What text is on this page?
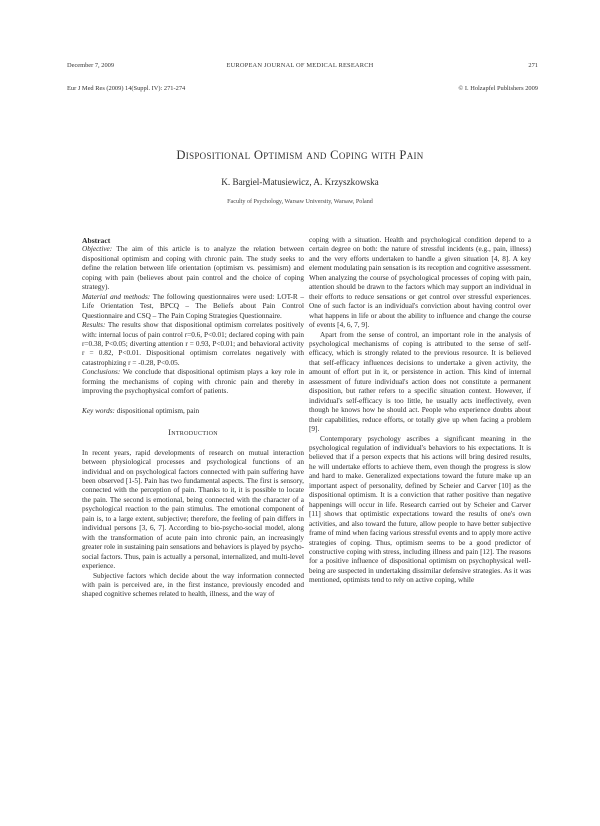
EUROPEAN JOURNAL OF MEDICAL RESEARCH
December 7, 2009	271
Eur J Med Res (2009) 14(Suppl. IV): 271-274	© I. Holzapfel Publishers 2009
Dispositional Optimism and Coping with Pain
K. Bargiel-Matusiewicz, A. Krzyszkowska
Faculty of Psychology, Warsaw University, Warsaw, Poland

Abstract

Objective: The aim of this article is to analyze the relation between dispositional optimism and coping with chronic pain. The study seeks to define the relation between life orientation (optimism vs. pessimism) and coping with pain (believes about pain control and the choice of coping strategy).

Material and methods: The following questionnaires were used: LOT-R – Life Orientation Test, BPCQ – The Beliefs about Pain Control Questionnaire and CSQ – The Pain Coping Strategies Questionnaire.

Results: The results show that dispositional optimism correlates positively with: internal locus of pain control r=0.6, P<0.01; declared coping with pain r=0.38, P<0.05; diverting attention r = 0.93, P<0.01; and behavioral activity r = 0.82, P<0.01. Dispositional optimism correlates negatively with catastrophizing r = -0.28, P<0.05.

Conclusions: We conclude that dispositional optimism plays a key role in forming the mechanisms of coping with chronic pain and thereby in improving the psychophysical comfort of patients.

Key words: dispositional optimism, pain

Introduction

In recent years, rapid developments of research on mutual interaction between physiological processes and psychological functions of an individual and on psychological factors connected with pain suffering have been observed [1-5]. Pain has two fundamental aspects. The first is sensory, connected with the perception of pain. Thanks to it, it is possible to locate the pain. The second is emotional, being connected with the character of a psychological reaction to the pain stimulus. The emotional component of pain is, to a large extent, subjective; therefore, the feeling of pain differs in individual persons [3, 6, 7]. According to bio-psycho-social model, along with the transformation of acute pain into chronic pain, an increasingly greater role in sustaining pain sensations and behaviors is played by psycho-social factors. Thus, pain is actually a personal, internalized, and multi-level experience.

Subjective factors which decide about the way information connected with pain is perceived are, in the first instance, previously encoded and shaped cognitive schemes related to health, illness, and the way of

coping with a situation. Health and psychological condition depend to a certain degree on both: the nature of stressful incidents (e.g., pain, illness) and the very efforts undertaken to handle a given situation [4, 8]. A key element modulating pain sensation is its reception and cognitive assessment. When analyzing the course of psychological processes of coping with pain, attention should be drawn to the factors which may support an individual in their efforts to reduce sensations or get control over stressful experiences. One of such factor is an individual's conviction about having control over what happens in life or about the ability to influence and change the course of events [4, 6, 7, 9].

Apart from the sense of control, an important role in the analysis of psychological mechanisms of coping is attributed to the sense of self-efficacy, which is strongly related to the previous resource. It is believed that self-efficacy influences decisions to undertake a given activity, the amount of effort put in it, or persistence in action. This kind of internal assessment of future individual's action does not constitute a permanent disposition, but rather refers to a specific situation context. However, if individual's self-efficacy is too little, he usually acts ineffectively, even though he knows how he should act. People who experience doubts about their capabilities, reduce efforts, or totally give up when facing a problem [9].

Contemporary psychology ascribes a significant meaning in the psychological regulation of individual's behaviors to his expectations. It is believed that if a person expects that his actions will bring desired results, he will undertake efforts to achieve them, even though the progress is slow and hard to make. Generalized expectations toward the future make up an important aspect of personality, defined by Scheier and Carver [10] as the dispositional optimism. It is a conviction that rather positive than negative happenings will occur in life. Research carried out by Scheier and Carver [11] shows that optimistic expectations toward the results of one's own activities, and also toward the future, allow people to have better subjective frame of mind when facing various stressful events and to apply more active strategies of coping. Thus, optimism seems to be a good predictor of constructive coping with stress, including illness and pain [12]. The reasons for a positive influence of dispositional optimism on psychophysical well-being are suspected in undertaking dissimilar defensive strategies. As it was mentioned, optimists tend to rely on active coping, while
